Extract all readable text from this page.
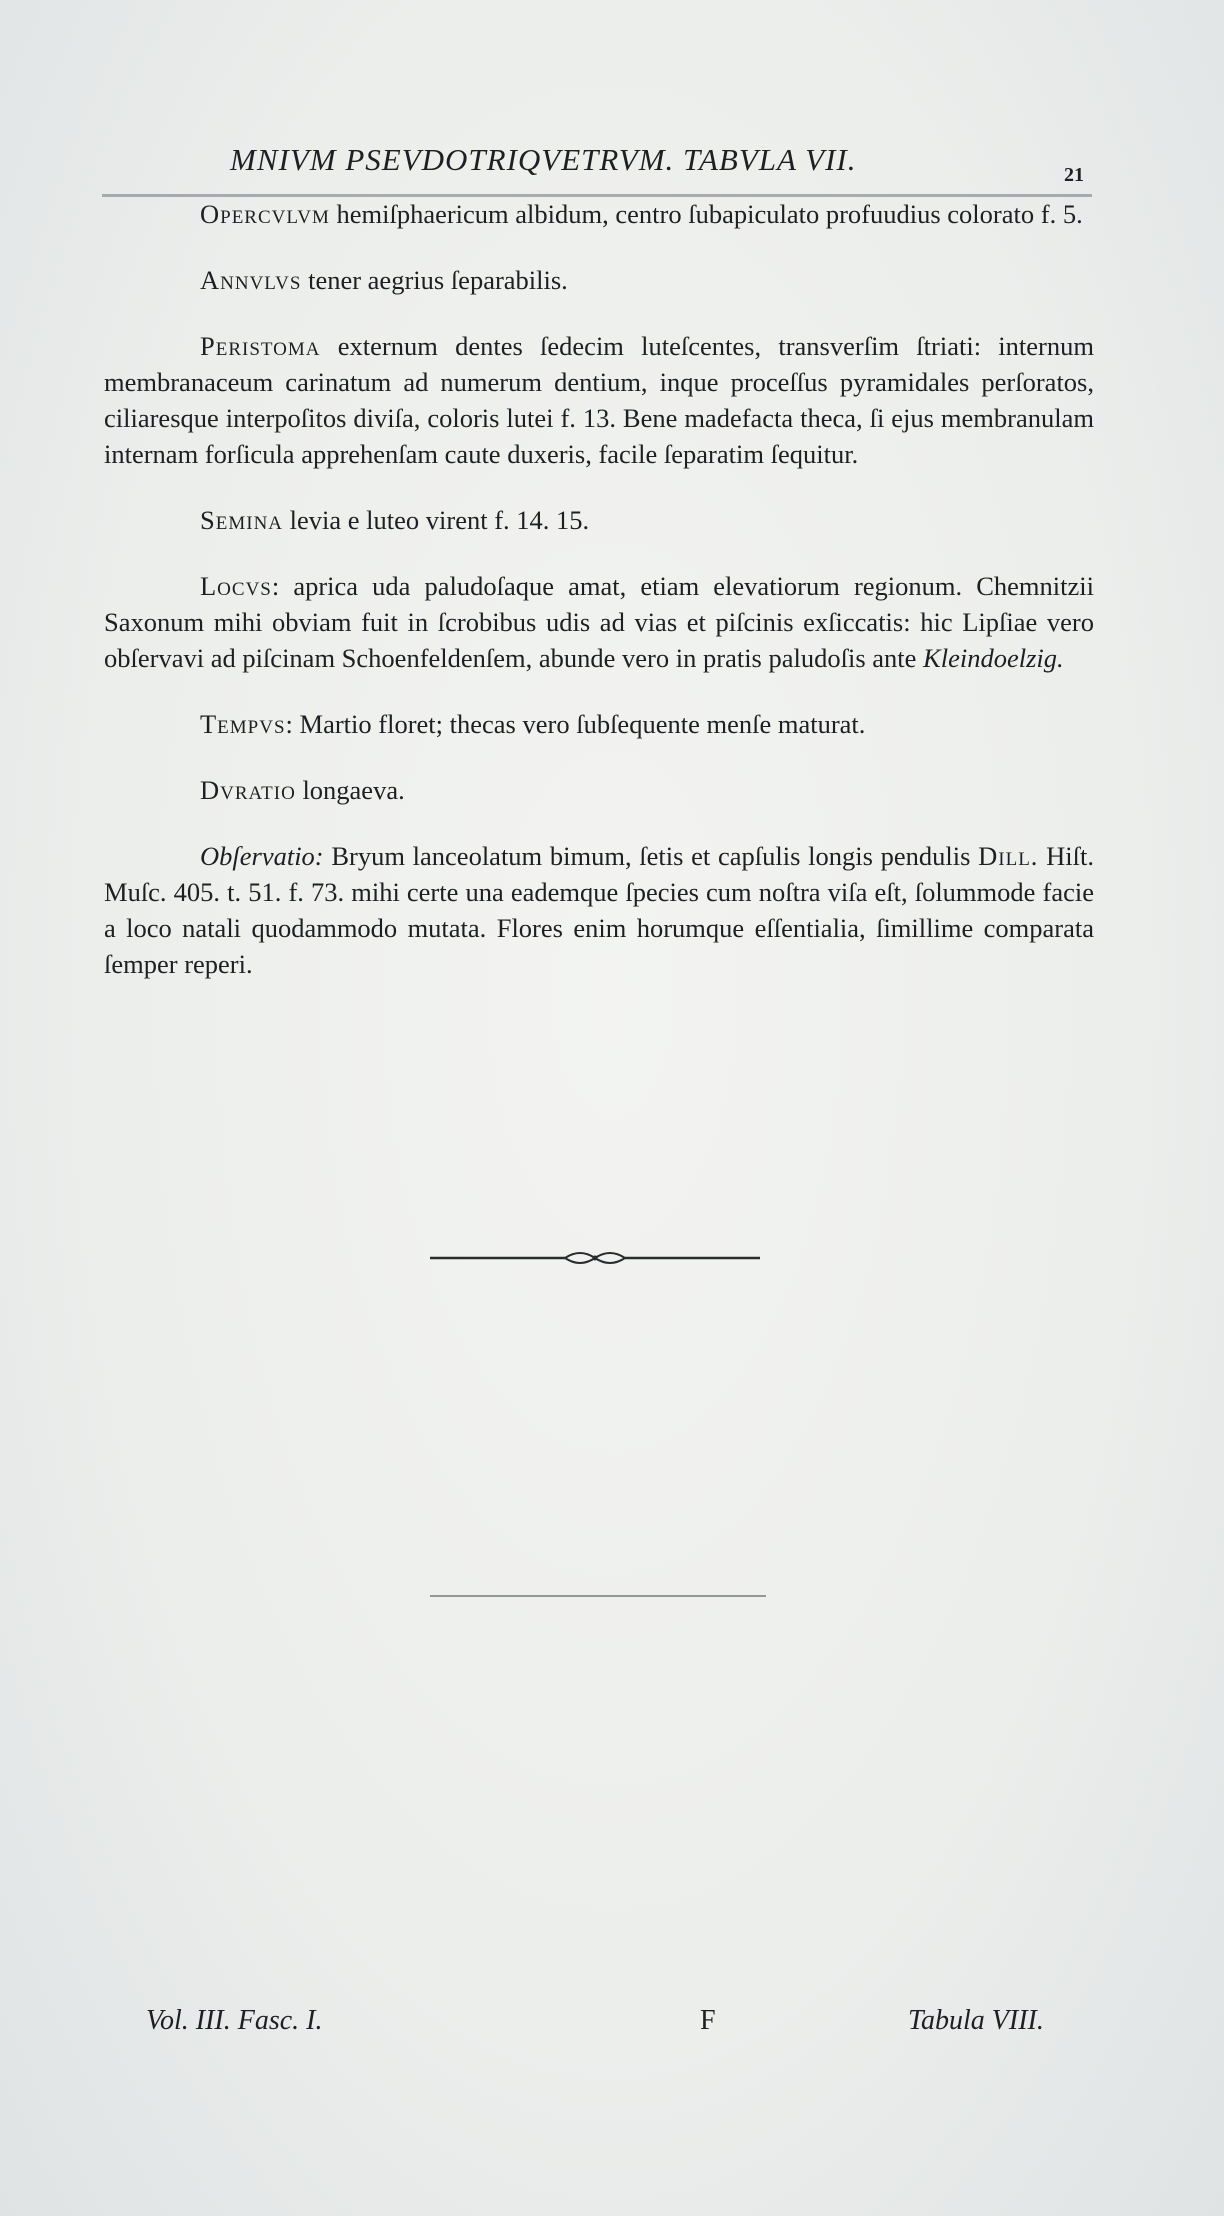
MNIVM PSEVDOTRIQVETRVM. TABVLA VII.	21

Opercvlvm hemiſphaericum albidum, centro ſubapiculato profuudius colorato f. 5.

Annvlvs tener aegrius ſeparabilis.

Peristoma externum dentes ſedecim luteſcentes, transverſim ſtriati: internum membranaceum carinatum ad numerum dentium, inque proceſſus pyramidales perſoratos, ciliaresque interpoſitos diviſa, coloris lutei f. 13. Bene madefacta theca, ſi ejus membranulam internam forſicula apprehenſam caute duxeris, facile ſeparatim ſequitur.

Semina levia e luteo virent f. 14. 15.

Locvs: aprica uda paludoſaque amat, etiam elevatiorum regionum. Chemnitzii Saxonum mihi obviam fuit in ſcrobibus udis ad vias et piſcinis exſiccatis: hic Lipſiae vero obſervavi ad piſcinam Schoenfeldenſem, abunde vero in pratis paludoſis ante Kleindoelzig.

Tempvs: Martio floret; thecas vero ſubſequente menſe maturat.

Dvratio longaeva.

Obſervatio: Bryum lanceolatum bimum, ſetis et capſulis longis pendulis Dill. Hiſt. Muſc. 405. t. 51. f. 73. mihi certe una eademque ſpecies cum noſtra viſa eſt, ſolummode facie a loco natali quodammodo mutata. Flores enim horumque eſſentialia, ſimillime comparata ſemper reperi.

Vol. III. Fasc. I.	F	Tabula VIII.
